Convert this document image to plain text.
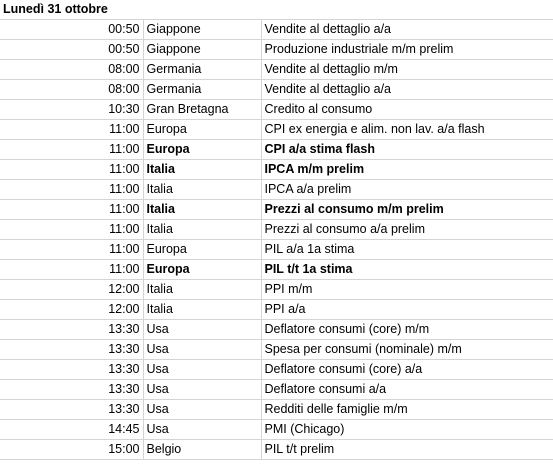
Lunedì 31 ottobre		
00:50	Giappone	Vendite al dettaglio a/a
00:50	Giappone	Produzione industriale m/m prelim
08:00	Germania	Vendite al dettaglio m/m
08:00	Germania	Vendite al dettaglio a/a
10:30	Gran Bretagna	Credito al consumo
11:00	Europa	CPI ex energia e alim. non lav. a/a flash
11:00	Europa	CPI a/a stima flash
11:00	Italia	IPCA m/m prelim
11:00	Italia	IPCA a/a prelim
11:00	Italia	Prezzi al consumo m/m prelim
11:00	Italia	Prezzi al consumo a/a prelim
11:00	Europa	PIL a/a 1a stima
11:00	Europa	PIL t/t 1a stima
12:00	Italia	PPI m/m
12:00	Italia	PPI a/a
13:30	Usa	Deflatore consumi (core) m/m
13:30	Usa	Spesa per consumi (nominale) m/m
13:30	Usa	Deflatore consumi (core) a/a
13:30	Usa	Deflatore consumi a/a
13:30	Usa	Redditi delle famiglie m/m
14:45	Usa	PMI (Chicago)
15:00	Belgio	PIL t/t prelim
